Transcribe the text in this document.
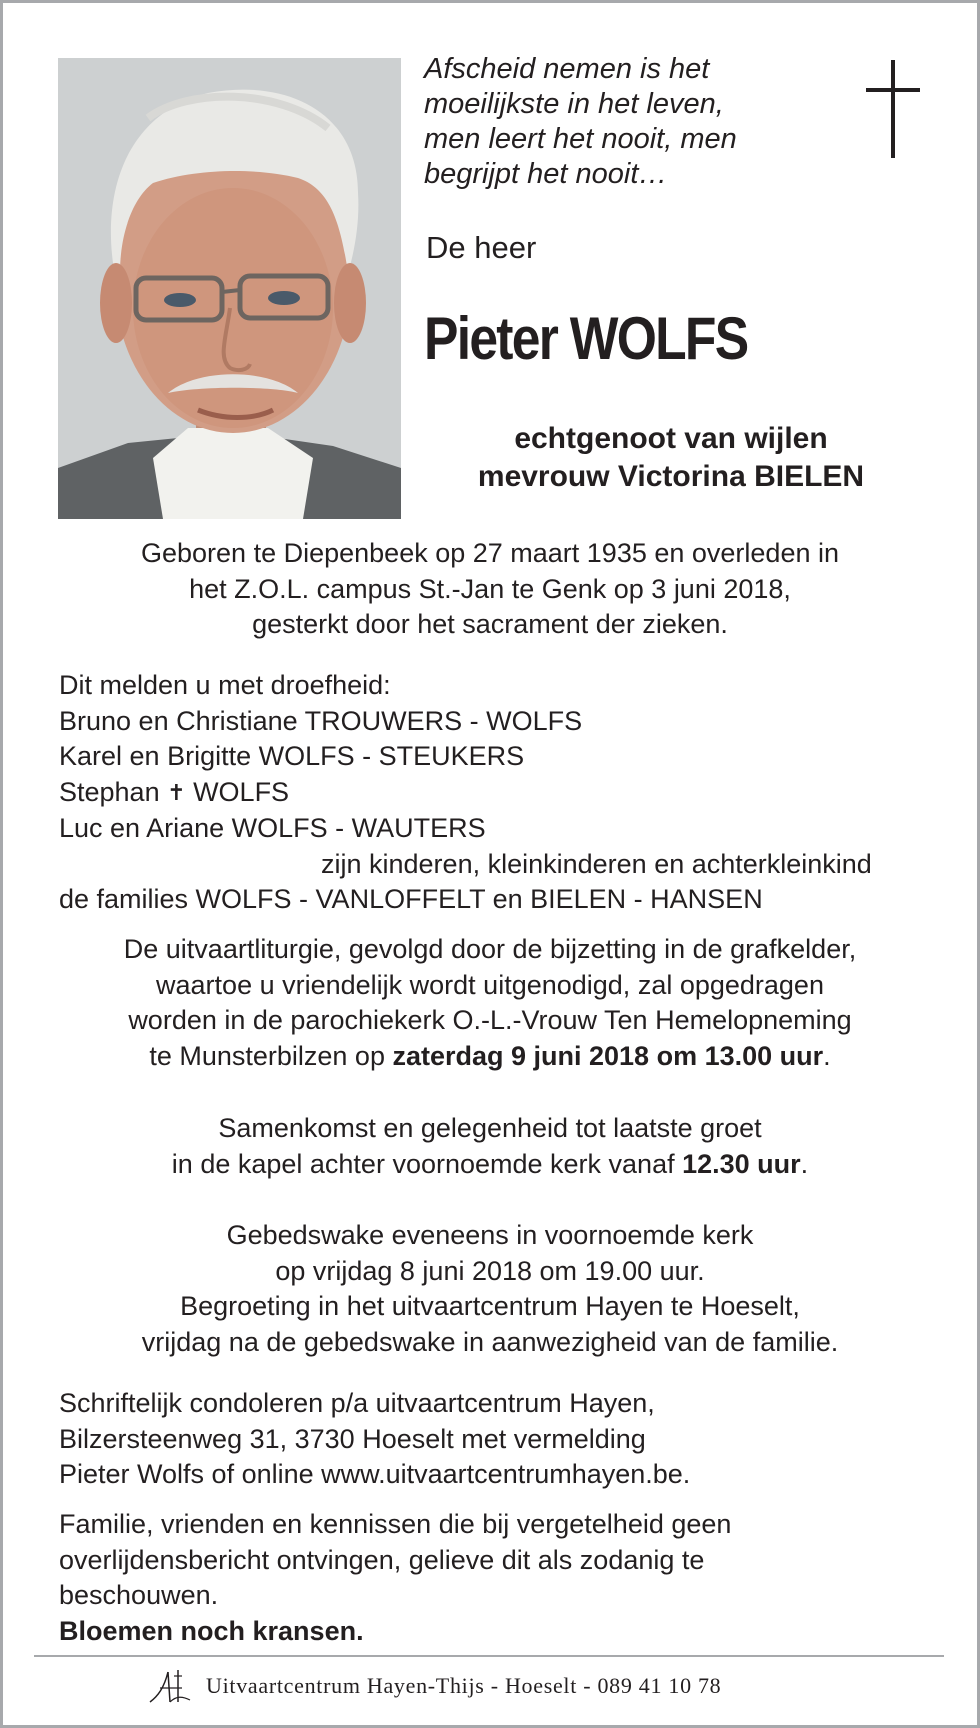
Afscheid nemen is het
moeilijkste in het leven,
men leert het nooit, men
begrijpt het nooit…
De heer
Pieter WOLFS
echtgenoot van wijlen
mevrouw Victorina BIELEN
Geboren te Diepenbeek op 27 maart 1935 en overleden in
het Z.O.L. campus St.-Jan te Genk op 3 juni 2018,
gesterkt door het sacrament der zieken.
Dit melden u met droefheid:
Bruno en Christiane TROUWERS - WOLFS
Karel en Brigitte WOLFS - STEUKERS
Stephan ✝ WOLFS
Luc en Ariane WOLFS - WAUTERS
zijn kinderen, kleinkinderen en achterkleinkind
de families WOLFS - VANLOFFELT en BIELEN - HANSEN
De uitvaartliturgie, gevolgd door de bijzetting in de grafkelder,
waartoe u vriendelijk wordt uitgenodigd, zal opgedragen
worden in de parochiekerk O.-L.-Vrouw Ten Hemelopneming
te Munsterbilzen op zaterdag 9 juni 2018 om 13.00 uur.
Samenkomst en gelegenheid tot laatste groet
in de kapel achter voornoemde kerk vanaf 12.30 uur.
Gebedswake eveneens in voornoemde kerk
op vrijdag 8 juni 2018 om 19.00 uur.
Begroeting in het uitvaartcentrum Hayen te Hoeselt,
vrijdag na de gebedswake in aanwezigheid van de familie.
Schriftelijk condoleren p/a uitvaartcentrum Hayen,
Bilzersteenweg 31, 3730 Hoeselt met vermelding
Pieter Wolfs of online www.uitvaartcentrumhayen.be.
Familie, vrienden en kennissen die bij vergetelheid geen
overlijdensbericht ontvingen, gelieve dit als zodanig te
beschouwen.
Bloemen noch kransen.
Uitvaartcentrum Hayen-Thijs - Hoeselt - 089 41 10 78
